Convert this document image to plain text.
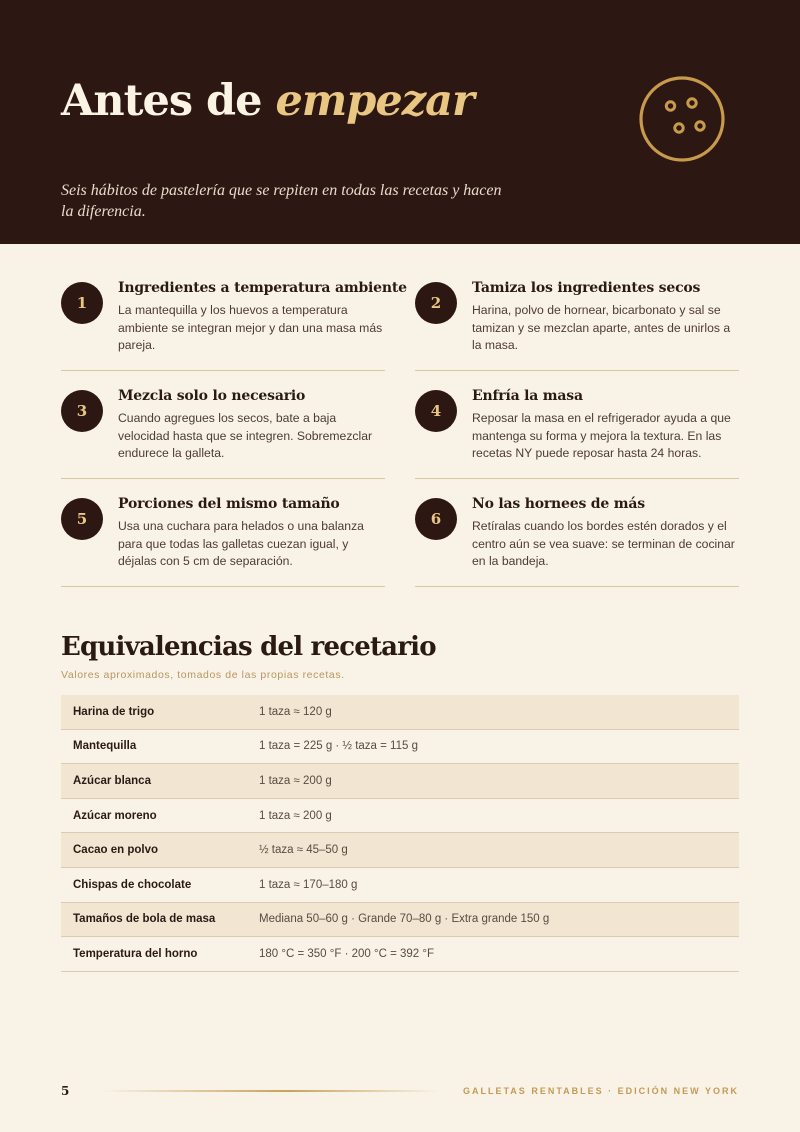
Antes de empezar
Seis hábitos de pastelería que se repiten en todas las recetas y hacen la diferencia.
1
Ingredientes a temperatura ambiente
La mantequilla y los huevos a temperatura ambiente se integran mejor y dan una masa más pareja.
2
Tamiza los ingredientes secos
Harina, polvo de hornear, bicarbonato y sal se tamizan y se mezclan aparte, antes de unirlos a la masa.
3
Mezcla solo lo necesario
Cuando agregues los secos, bate a baja velocidad hasta que se integren. Sobremezclar endurece la galleta.
4
Enfría la masa
Reposar la masa en el refrigerador ayuda a que mantenga su forma y mejora la textura. En las recetas NY puede reposar hasta 24 horas.
5
Porciones del mismo tamaño
Usa una cuchara para helados o una balanza para que todas las galletas cuezan igual, y déjalas con 5 cm de separación.
6
No las hornees de más
Retíralas cuando los bordes estén dorados y el centro aún se vea suave: se terminan de cocinar en la bandeja.
Equivalencias del recetario
Valores aproximados, tomados de las propias recetas.
Harina de trigo	1 taza ≈ 120 g
Mantequilla	1 taza = 225 g · ½ taza = 115 g
Azúcar blanca	1 taza ≈ 200 g
Azúcar moreno	1 taza ≈ 200 g
Cacao en polvo	½ taza ≈ 45–50 g
Chispas de chocolate	1 taza ≈ 170–180 g
Tamaños de bola de masa	Mediana 50–60 g · Grande 70–80 g · Extra grande 150 g
Temperatura del horno	180 °C = 350 °F · 200 °C = 392 °F
5	GALLETAS RENTABLES · EDICIÓN NEW YORK
